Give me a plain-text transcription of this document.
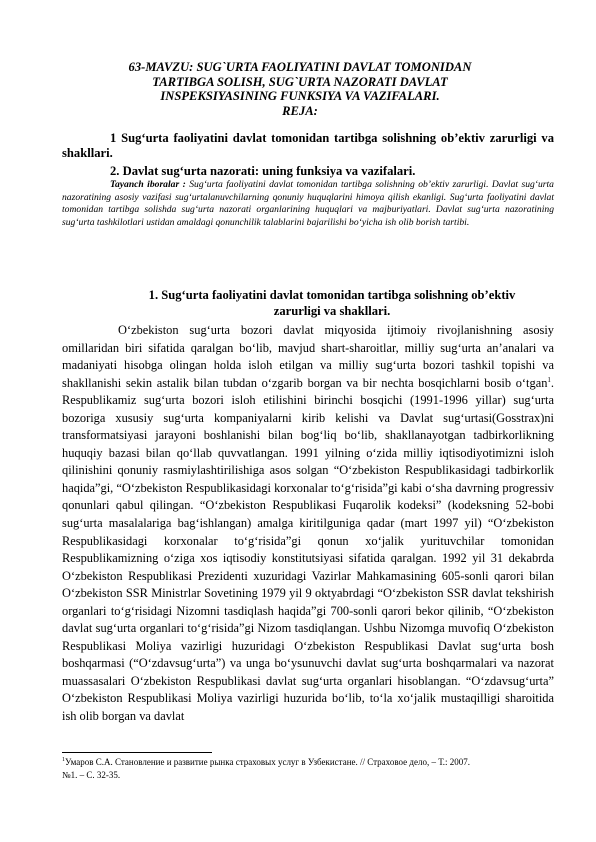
63-MAVZU: SUG`URTA FAOLIYATINI DAVLAT TOMONIDAN
TARTIBGA SOLISH, SUG`URTA NAZORATI DAVLAT
INSPEKSIYASINING FUNKSIYA VA VAZIFALARI.
REJA:
1 Sug‘urta faoliyatini davlat tomonidan tartibga solishning ob’ektiv zarurligi va shakllari.
2. Davlat sug‘urta nazorati: uning funksiya va vazifalari.
Tayanch iboralar : Sug‘urta faoliyatini davlat tomonidan tartibga solishning ob’ektiv zarurligi. Davlat sug‘urta nazoratining asosiy vazifasi sug‘urtalanuvchilarning qonuniy huquqlarini himoya qilish ekanligi. Sug‘urta faoliyatini davlat tomonidan tartibga solishda sug‘urta nazorati organlarining huquqlari va majburiyatlari. Davlat sug‘urta nazoratining sug‘urta tashkilotlari ustidan amaldagi qonunchilik talablarini bajarilishi bo‘yicha ish olib borish tartibi.
1. Sug‘urta faoliyatini davlat tomonidan tartibga solishning ob’ektiv
zarurligi va shakllari.
O‘zbekiston sug‘urta bozori davlat miqyosida ijtimoiy rivojlanishning asosiy omillaridan biri sifatida qaralgan bo‘lib, mavjud shart-sharoitlar, milliy sug‘urta an’analari va madaniyati hisobga olingan holda isloh etilgan va milliy sug‘urta bozori tashkil topishi va shakllanishi sekin astalik bilan tubdan o‘zgarib borgan va bir nechta bosqichlarni bosib o‘tgan$^1$. Respublikamiz sug‘urta bozori isloh etilishini birinchi bosqichi (1991-1996 yillar) sug‘urta bozoriga xususiy sug‘urta kompaniyalarni kirib kelishi va Davlat sug‘urtasi(Gosstrax)ni transformatsiyasi jarayoni boshlanishi bilan bog‘liq bo‘lib, shakllanayotgan tadbirkorlikning huquqiy bazasi bilan qo‘llab quvvatlangan. 1991 yilning o‘zida milliy iqtisodiyotimizni isloh qilinishini qonuniy rasmiylashtirilishiga asos solgan “O‘zbekiston Respublikasidagi tadbirkorlik haqida”gi, “O‘zbekiston Respublikasidagi korxonalar to‘g‘risida”gi kabi o‘sha davrning progressiv qonunlari qabul qilingan. “O‘zbekiston Respublikasi Fuqarolik kodeksi” (kodeksning 52-bobi sug‘urta masalalariga bag‘ishlangan) amalga kiritilguniga qadar (mart 1997 yil) “O‘zbekiston Respublikasidagi korxonalar to‘g‘risida”gi qonun xo‘jalik yurituvchilar tomonidan Respublikamizning o‘ziga xos iqtisodiy konstitutsiyasi sifatida qaralgan. 1992 yil 31 dekabrda O‘zbekiston Respublikasi Prezidenti xuzuridagi Vazirlar Mahkamasining 605-sonli qarori bilan O‘zbekiston SSR Ministrlar Sovetining 1979 yil 9 oktyabrdagi “O‘zbekiston SSR davlat tekshirish organlari to‘g‘risidagi Nizomni tasdiqlash haqida”gi 700-sonli qarori bekor qilinib, “O‘zbekiston davlat sug‘urta organlari to‘g‘risida”gi Nizom tasdiqlangan. Ushbu Nizomga muvofiq O‘zbekiston Respublikasi Moliya vazirligi huzuridagi O‘zbekiston Respublikasi Davlat sug‘urta bosh boshqarmasi (“O‘zdavsug‘urta”) va unga bo‘ysunuvchi davlat sug‘urta boshqarmalari va nazorat muassasalari O‘zbekiston Respublikasi davlat sug‘urta organlari hisoblangan. “O‘zdavsug‘urta” O‘zbekiston Respublikasi Moliya vazirligi huzurida bo‘lib, to‘la xo‘jalik mustaqilligi sharoitida ish olib borgan va davlat
$^1$Умаров С.А. Становление и развитие рынка страховых услуг в Узбекистане. // Страховое дело, – Т.: 2007.
№1. – С. 32-35.
